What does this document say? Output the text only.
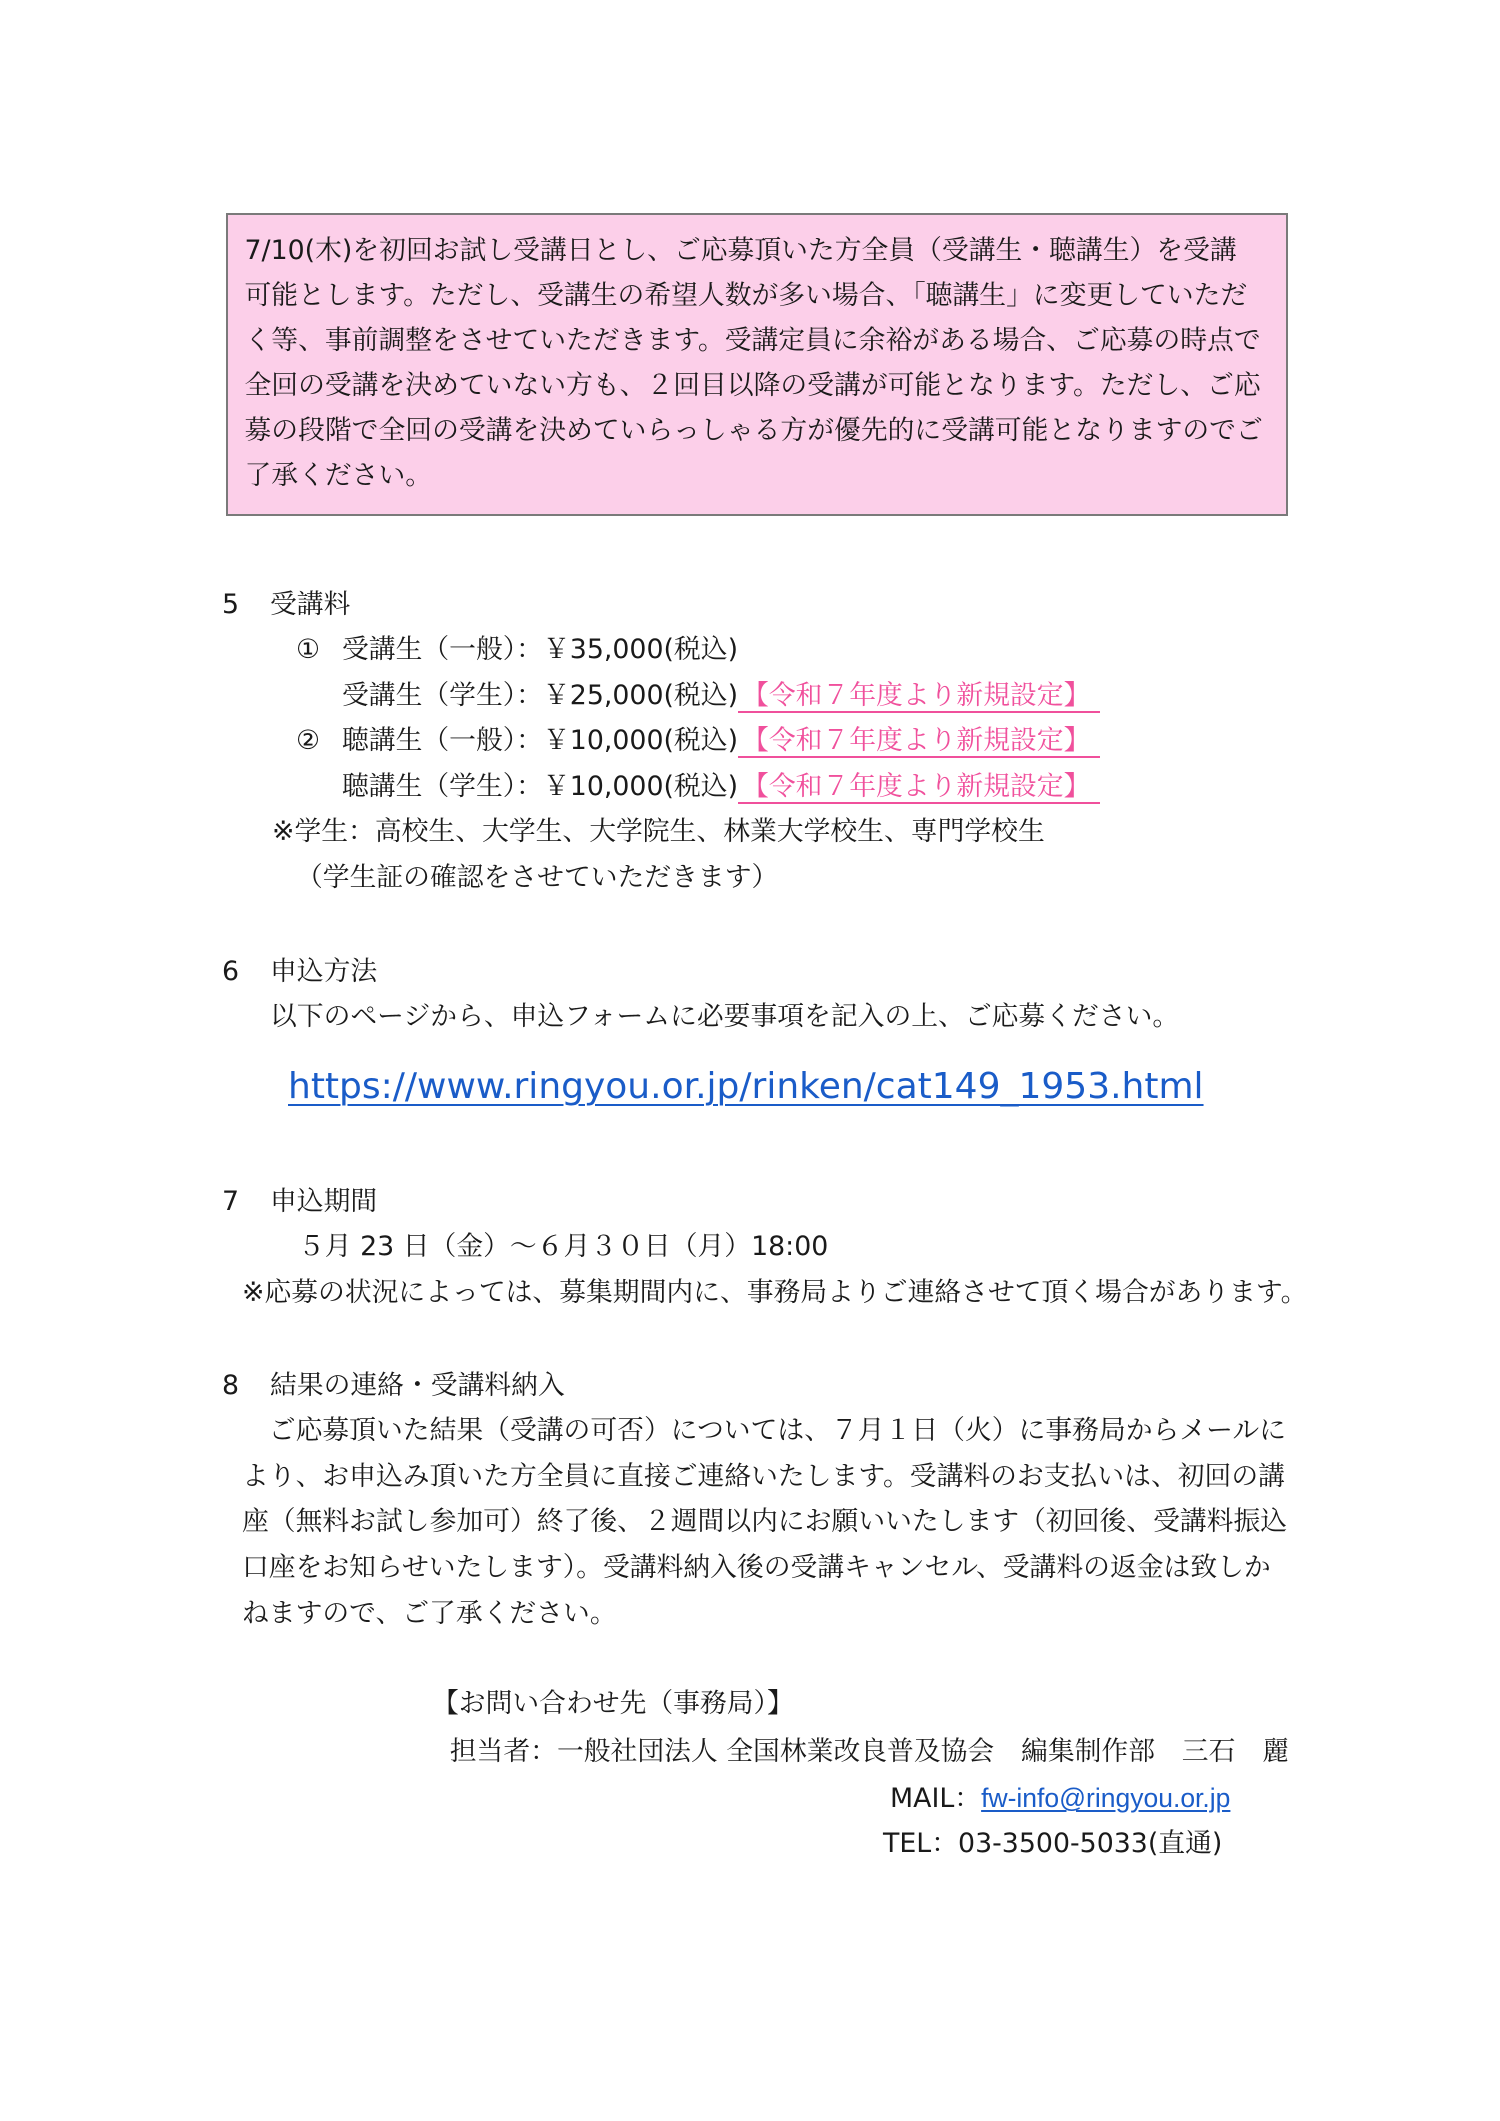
7/10(木)を初回お試し受講日とし、ご応募頂いた方全員（受講生・聴講生）を受講
可能とします。ただし、受講生の希望人数が多い場合、「聴講生」に変更していただ
く等、事前調整をさせていただきます。受講定員に余裕がある場合、ご応募の時点で
全回の受講を決めていない方も、２回目以降の受講が可能となります。ただし、ご応
募の段階で全回の受講を決めていらっしゃる方が優先的に受講可能となりますのでご
了承ください。
5 受講料
① 受講生（一般）：￥35,000(税込)
受講生（学生）：￥25,000(税込) 【令和７年度より新規設定】
② 聴講生（一般）：￥10,000(税込) 【令和７年度より新規設定】
聴講生（学生）：￥10,000(税込) 【令和７年度より新規設定】
※学生：高校生、大学生、大学院生、林業大学校生、専門学校生
（学生証の確認をさせていただきます）
6 申込方法
以下のページから、申込フォームに必要事項を記入の上、ご応募ください。
https://www.ringyou.or.jp/rinken/cat149_1953.html
7 申込期間
５月 23 日（金）～６月３０日（月）18:00
※応募の状況によっては、募集期間内に、事務局よりご連絡させて頂く場合があります。
8 結果の連絡・受講料納入
ご応募頂いた結果（受講の可否）については、７月１日（火）に事務局からメールに
より、お申込み頂いた方全員に直接ご連絡いたします。受講料のお支払いは、初回の講
座（無料お試し参加可）終了後、２週間以内にお願いいたします（初回後、受講料振込
口座をお知らせいたします）。受講料納入後の受講キャンセル、受講料の返金は致しか
ねますので、ご了承ください。
【お問い合わせ先（事務局）】
担当者：一般社団法人 全国林業改良普及協会　編集制作部　三石　麗
MAIL：fw-info@ringyou.or.jp
TEL：03-3500-5033(直通)
